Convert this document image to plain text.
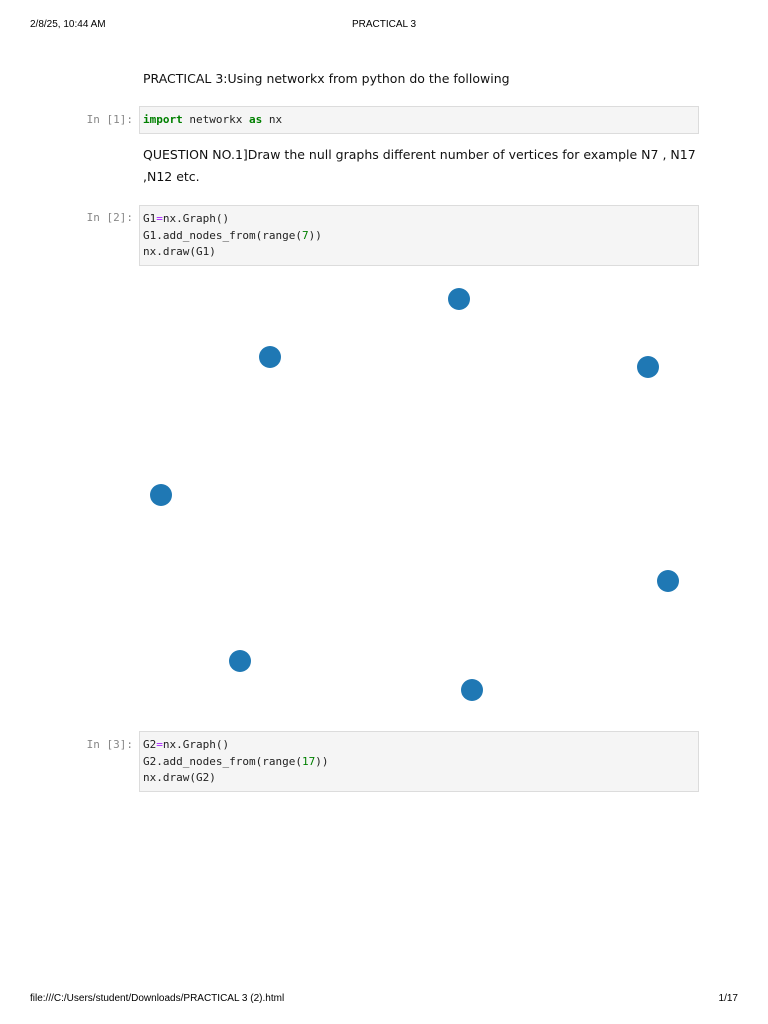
2/8/25, 10:44 AM	PRACTICAL 3
PRACTICAL 3:Using networkx from python do the following
In [1]: import networkx as nx
QUESTION NO.1]Draw the null graphs different number of vertices for example N7 , N17
,N12 etc.
In [2]: G1=nx.Graph()
G1.add_nodes_from(range(7))
nx.draw(G1)
In [3]: G2=nx.Graph()
G2.add_nodes_from(range(17))
nx.draw(G2)
file:///C:/Users/student/Downloads/PRACTICAL 3 (2).html	1/17
